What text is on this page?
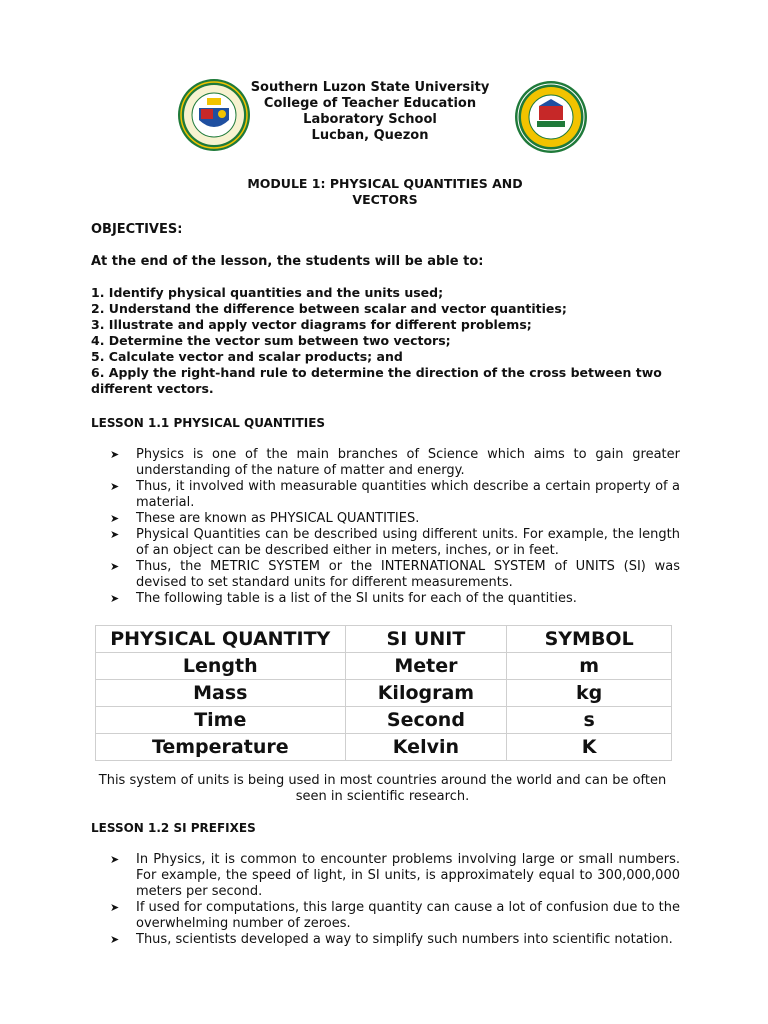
Southern Luzon State University
College of Teacher Education
Laboratory School
Lucban, Quezon
MODULE 1: PHYSICAL QUANTITIES AND
VECTORS
OBJECTIVES:
At the end of the lesson, the students will be able to:
1. Identify physical quantities and the units used;
2. Understand the difference between scalar and vector quantities;
3. Illustrate and apply vector diagrams for different problems;
4. Determine the vector sum between two vectors;
5. Calculate vector and scalar products; and
6. Apply the right-hand rule to determine the direction of the cross between two different vectors.
LESSON 1.1 PHYSICAL QUANTITIES
➤ Physics is one of the main branches of Science which aims to gain greater understanding of the nature of matter and energy.
➤ Thus, it involved with measurable quantities which describe a certain property of a material.
➤ These are known as PHYSICAL QUANTITIES.
➤ Physical Quantities can be described using different units. For example, the length of an object can be described either in meters, inches, or in feet.
➤ Thus, the METRIC SYSTEM or the INTERNATIONAL SYSTEM of UNITS (SI) was devised to set standard units for different measurements.
➤ The following table is a list of the SI units for each of the quantities.
PHYSICAL QUANTITY	SI UNIT	SYMBOL
Length	Meter	m
Mass	Kilogram	kg
Time	Second	s
Temperature	Kelvin	K
This system of units is being used in most countries around the world and can be often seen in scientific research.
LESSON 1.2 SI PREFIXES
➤ In Physics, it is common to encounter problems involving large or small numbers. For example, the speed of light, in SI units, is approximately equal to 300,000,000 meters per second.
➤ If used for computations, this large quantity can cause a lot of confusion due to the overwhelming number of zeroes.
➤ Thus, scientists developed a way to simplify such numbers into scientific notation.
